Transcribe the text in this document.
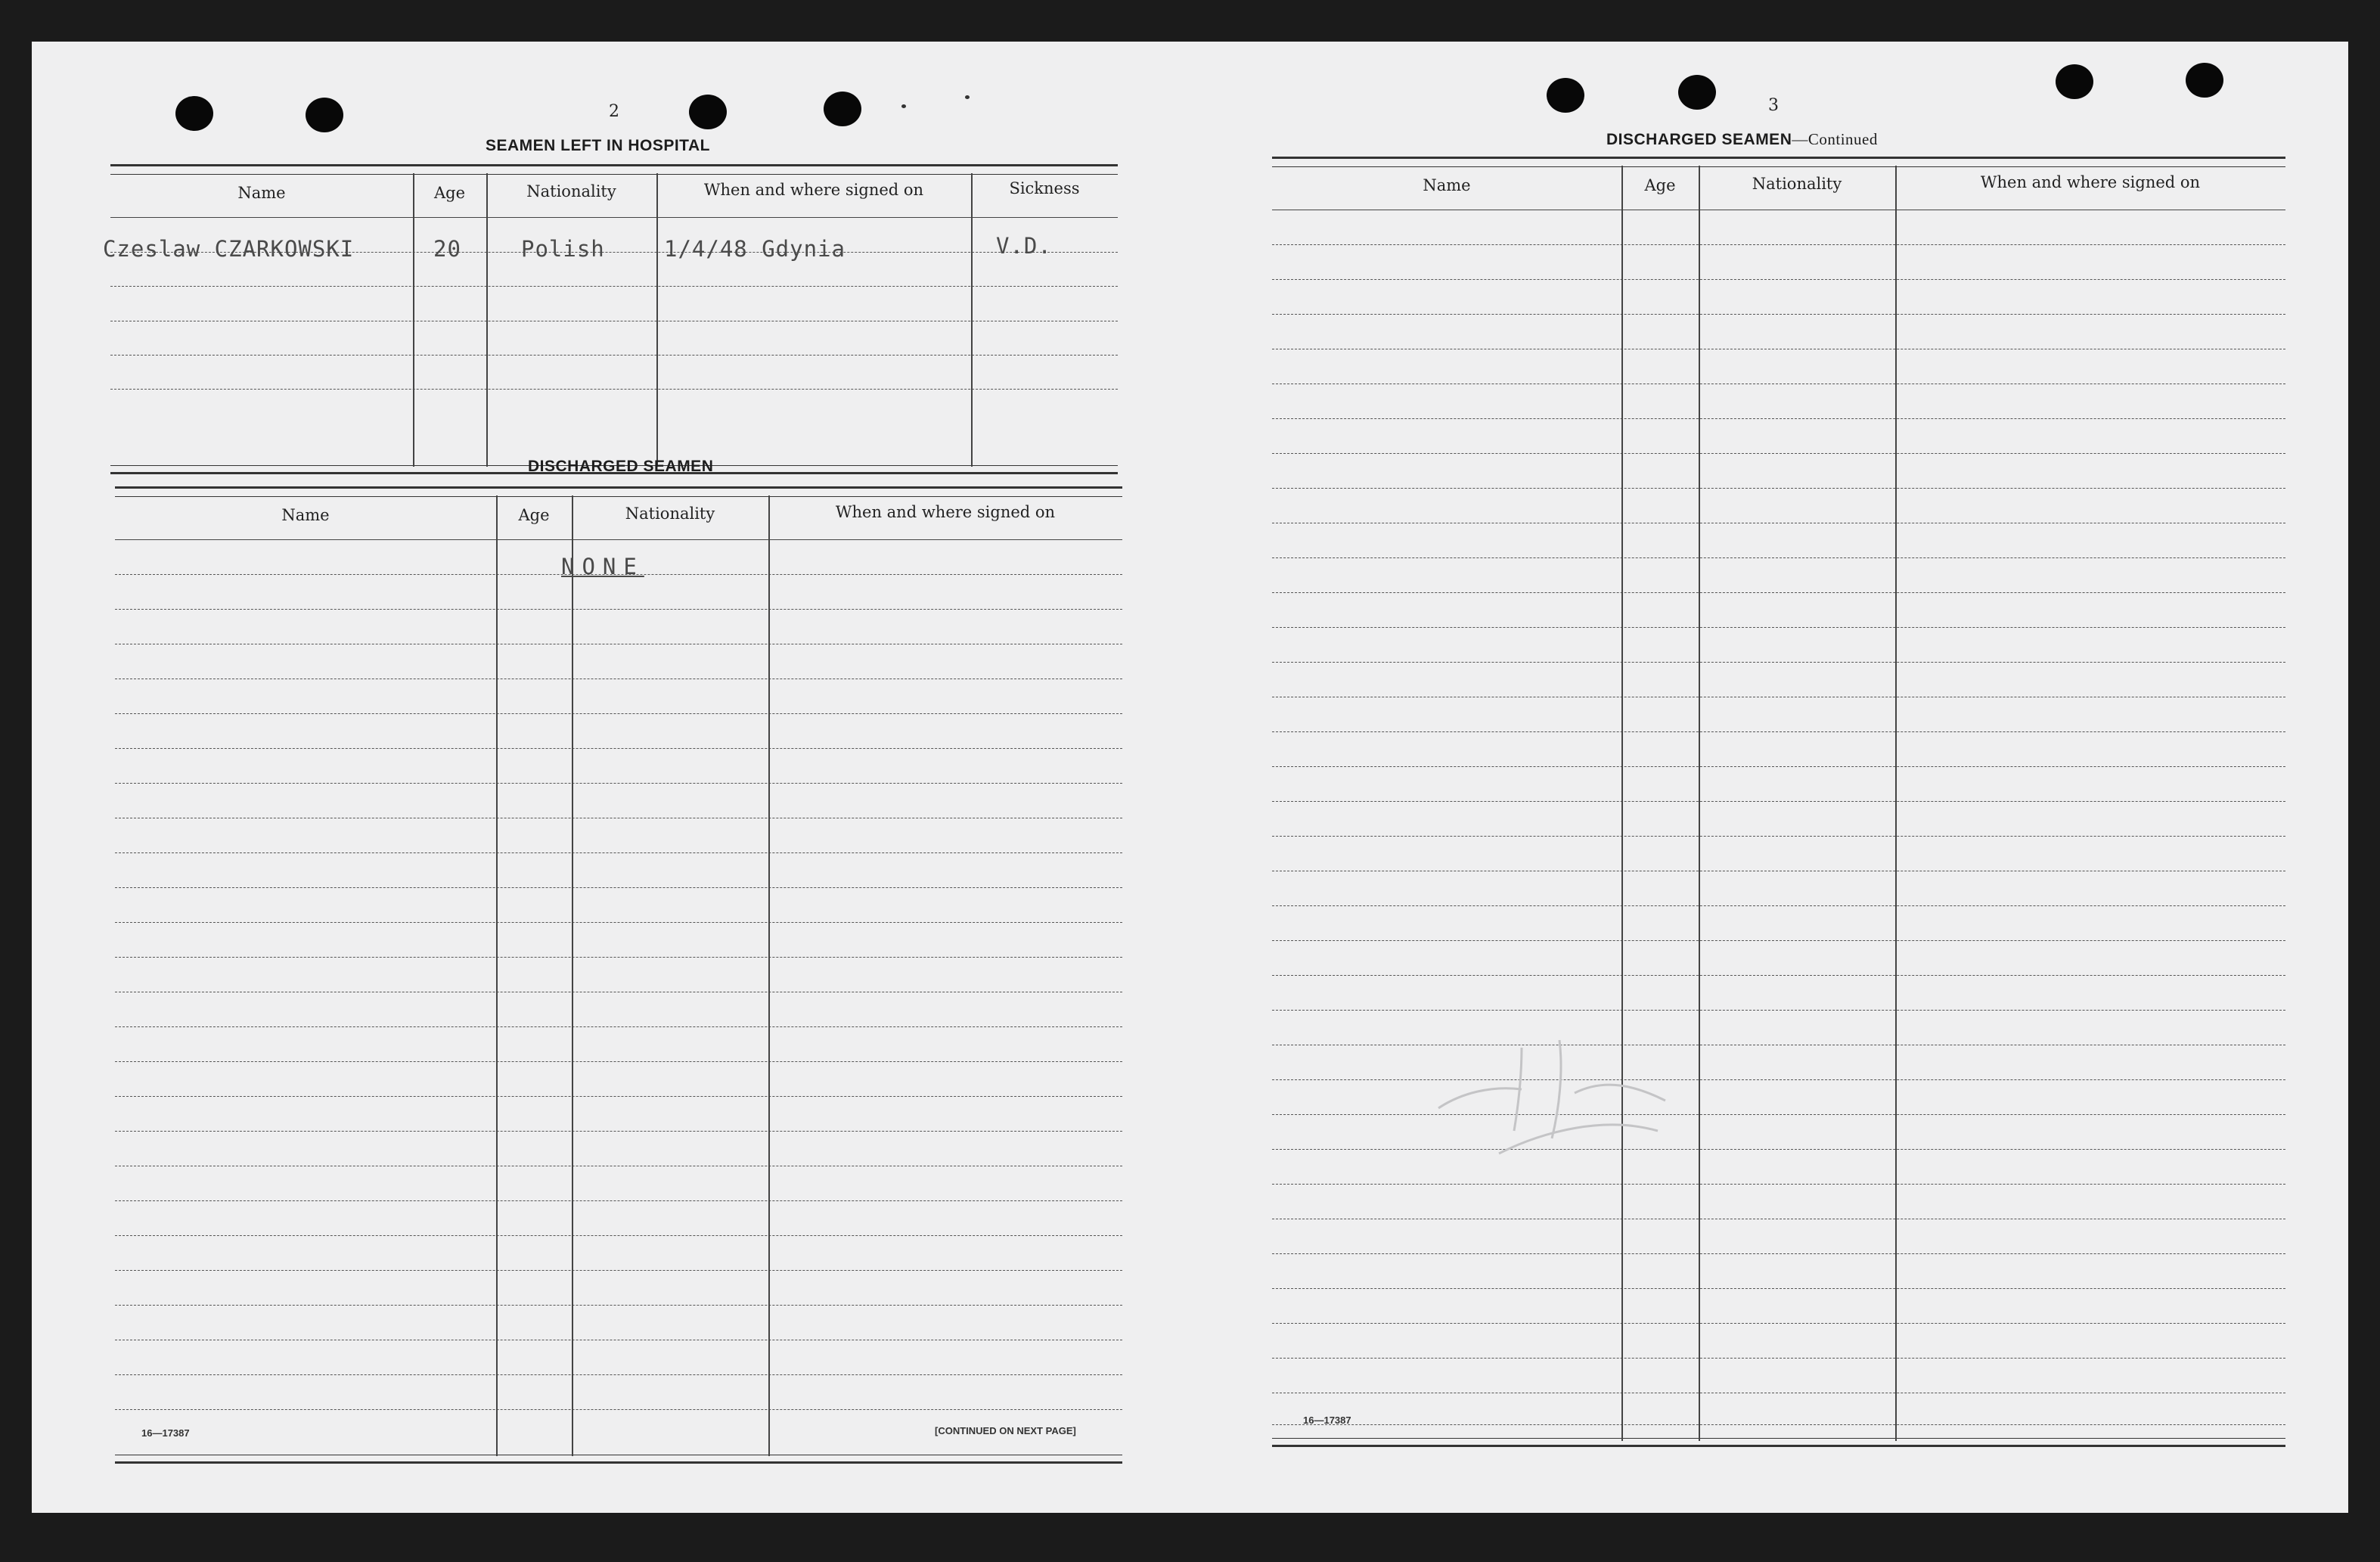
2
SEAMEN LEFT IN HOSPITAL
Name	Age	Nationality	When and where signed on	Sickness
Czeslaw CZARKOWSKI	20	Polish	1/4/48 Gdynia	V.D.
DISCHARGED SEAMEN
Name	Age	Nationality	When and where signed on
NONE
16—17387	[CONTINUED ON NEXT PAGE]
3
DISCHARGED SEAMEN—Continued
Name	Age	Nationality	When and where signed on
16—17387
